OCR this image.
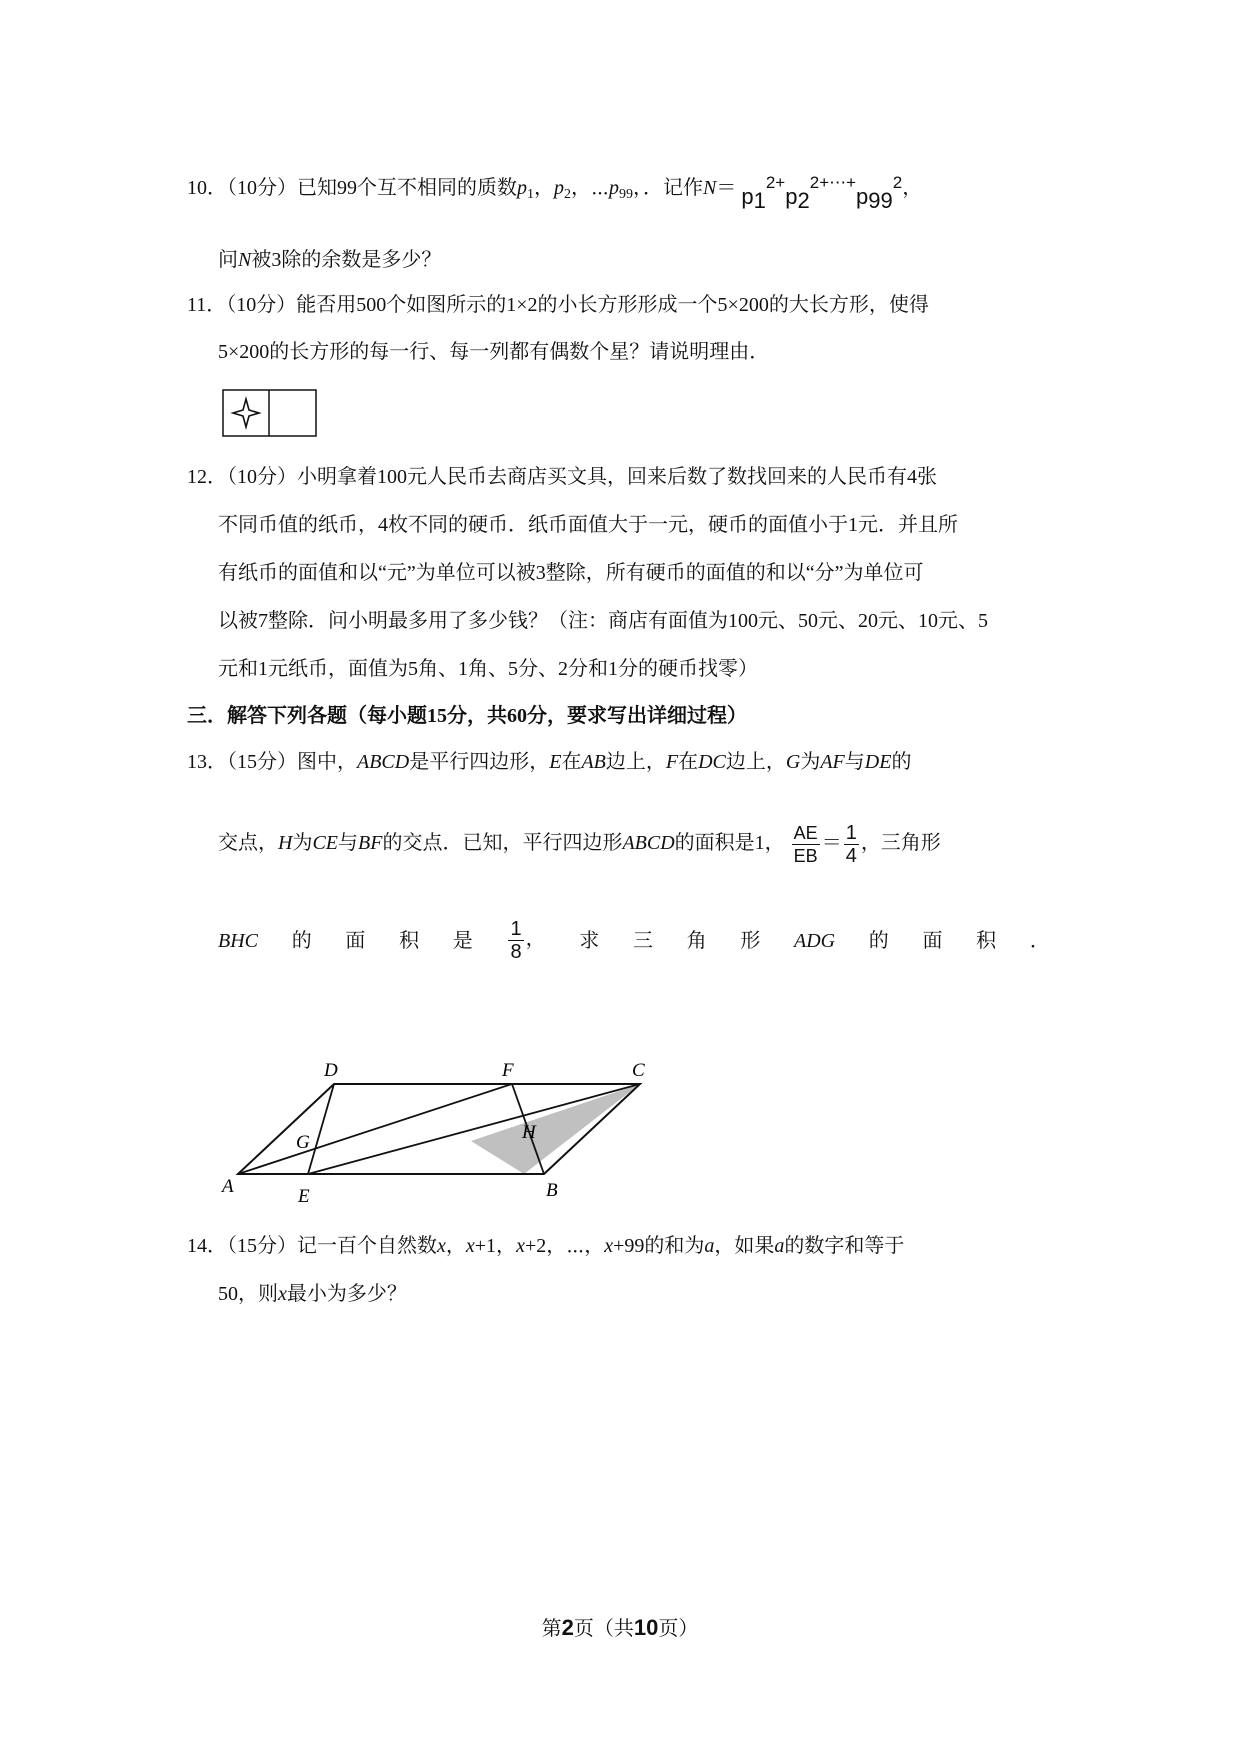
10．（10分）已知99个互不相同的质数$p_1$，$p_2$，$\cdots p_{99}$，．记作$N= p1^{2+}p2^{2+\cdots+}p99^2$，
问N被3除的余数是多少？
11．（10分）能否用500个如图所示的1×2的小长方形形成一个5×200的大长方形，使得
5×200的长方形的每一行、每一列都有偶数个星？请说明理由．
12．（10分）小明拿着100元人民币去商店买文具，回来后数了数找回来的人民币有4张
不同币值的纸币，4枚不同的硬币．纸币面值大于一元，硬币的面值小于1元．并且所
有纸币的面值和以“元”为单位可以被3整除，所有硬币的面值的和以“分”为单位可
以被7整除．问小明最多用了多少钱？（注：商店有面值为100元、50元、20元、10元、5
元和1元纸币，面值为5角、1角、5分、2分和1分的硬币找零）
三．解答下列各题（每小题15分，共60分，要求写出详细过程）
13．（15分）图中，ABCD是平行四边形，E在AB边上，F在DC边上，G为AF与DE的
交点，H为CE与BF的交点．已知，平行四边形ABCD的面积是1， $\frac{AE}{EB} = \frac{1}{4}$ ，三角形
BHC 的 面 积 是 $\frac{1}{8}$ ， 求 三 角 形 ADG 的 面 积 ．
A	E
D	F	C
B
G	H
14．（15分）记一百个自然数x，x+1，x+2，⋯，x+99的和为a，如果a的数字和等于
50，则x最小为多少？
第2页（共10页）
